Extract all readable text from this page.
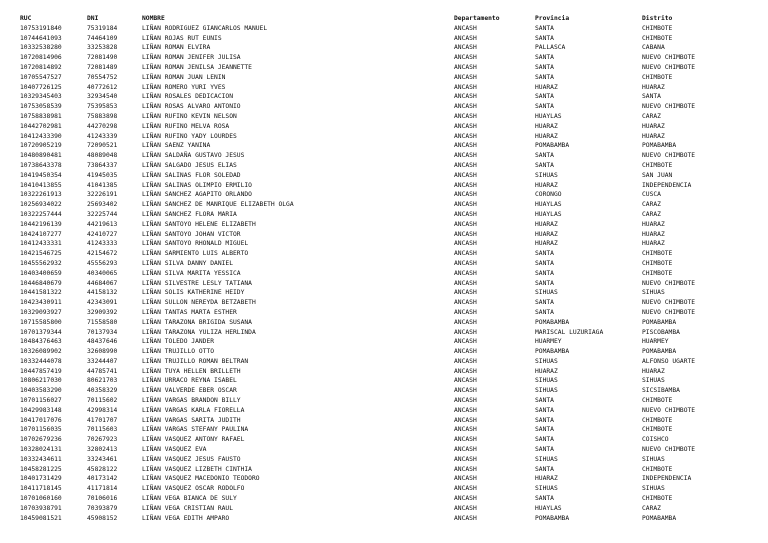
RUC	DNI	NOMBRE	Departamento	Provincia	Distrito
10753191840	75319184	LIÑAN RODRIGUEZ GIANCARLOS MANUEL	ANCASH	SANTA	CHIMBOTE
10744641093	74464109	LIÑAN ROJAS RUT EUNIS	ANCASH	SANTA	CHIMBOTE
10332538280	33253828	LIÑAN ROMAN ELVIRA	ANCASH	PALLASCA	CABANA
10720814906	72081490	LIÑAN ROMAN JENIFER JULISA	ANCASH	SANTA	NUEVO CHIMBOTE
10720814892	72081489	LIÑAN ROMAN JENILSA JEANNETTE	ANCASH	SANTA	NUEVO CHIMBOTE
10705547527	70554752	LIÑAN ROMAN JUAN LENIN	ANCASH	SANTA	CHIMBOTE
10407726125	40772612	LIÑAN ROMERO YURI YVES	ANCASH	HUARAZ	HUARAZ
10329345403	32934540	LIÑAN ROSALES DEDICACION	ANCASH	SANTA	SANTA
10753058539	75395853	LIÑAN ROSAS ALVARO ANTONIO	ANCASH	SANTA	NUEVO CHIMBOTE
10758838981	75883898	LIÑAN RUFINO KEVIN NELSON	ANCASH	HUAYLAS	CARAZ
10442702981	44270298	LIÑAN RUFINO MELVA ROSA	ANCASH	HUARAZ	HUARAZ
10412433390	41243339	LIÑAN RUFINO YADY LOURDES	ANCASH	HUARAZ	HUARAZ
10720905219	72090521	LIÑAN SAENZ YANINA	ANCASH	POMABAMBA	POMABAMBA
10480890481	48089048	LIÑAN SALDAÑA GUSTAVO JESUS	ANCASH	SANTA	NUEVO CHIMBOTE
10738643378	73864337	LIÑAN SALGADO JESUS ELIAS	ANCASH	SANTA	CHIMBOTE
10419450354	41945035	LIÑAN SALINAS FLOR SOLEDAD	ANCASH	SIHUAS	SAN JUAN
10410413855	41041385	LIÑAN SALINAS OLIMPIO ERMILIO	ANCASH	HUARAZ	INDEPENDENCIA
10322261913	32226191	LIÑAN SANCHEZ AGAPITO ORLANDO	ANCASH	CORONGO	CUSCA
10256934022	25693402	LIÑAN SANCHEZ DE MANRIQUE ELIZABETH OLGA	ANCASH	HUAYLAS	CARAZ
10322257444	32225744	LIÑAN SANCHEZ FLORA MARIA	ANCASH	HUAYLAS	CARAZ
10442196139	44219613	LIÑAN SANTOYO HELENE ELIZABETH	ANCASH	HUARAZ	HUARAZ
10424107277	42410727	LIÑAN SANTOYO JOHAN VICTOR	ANCASH	HUARAZ	HUARAZ
10412433331	41243333	LIÑAN SANTOYO RHONALD MIGUEL	ANCASH	HUARAZ	HUARAZ
10421546725	42154672	LIÑAN SARMIENTO LUIS ALBERTO	ANCASH	SANTA	CHIMBOTE
10455562932	45556293	LIÑAN SILVA DANNY DANIEL	ANCASH	SANTA	CHIMBOTE
10403400659	40340065	LIÑAN SILVA MARITA YESSICA	ANCASH	SANTA	CHIMBOTE
10446840679	44684067	LIÑAN SILVESTRE LESLY TATIANA	ANCASH	SANTA	NUEVO CHIMBOTE
10441581322	44158132	LIÑAN SOLIS KATHERINE HEIDY	ANCASH	SIHUAS	SIHUAS
10423430911	42343091	LIÑAN SULLON NEREYDA BETZABETH	ANCASH	SANTA	NUEVO CHIMBOTE
10329093927	32909392	LIÑAN TANTAS MARTA ESTHER	ANCASH	SANTA	NUEVO CHIMBOTE
10715585800	71558580	LIÑAN TARAZONA BRIGIDA SUSANA	ANCASH	POMABAMBA	POMABAMBA
10701379344	70137934	LIÑAN TARAZONA YULIZA HERLINDA	ANCASH	MARISCAL LUZURIAGA	PISCOBAMBA
10484376463	48437646	LIÑAN TOLEDO JANDER	ANCASH	HUARMEY	HUARMEY
10326089902	32608990	LIÑAN TRUJILLO OTTO	ANCASH	POMABAMBA	POMABAMBA
10332444078	33244407	LIÑAN TRUJILLO ROMAN BELTRAN	ANCASH	SIHUAS	ALFONSO UGARTE
10447857419	44785741	LIÑAN TUYA HELLEN BRILLETH	ANCASH	HUARAZ	HUARAZ
10806217030	80621703	LIÑAN URRACO REYNA ISABEL	ANCASH	SIHUAS	SIHUAS
10403583290	40358329	LIÑAN VALVERDE EBER OSCAR	ANCASH	SIHUAS	SICSIBAMBA
10701156027	70115602	LIÑAN VARGAS BRANDON BILLY	ANCASH	SANTA	CHIMBOTE
10429983148	42998314	LIÑAN VARGAS KARLA FIORELLA	ANCASH	SANTA	NUEVO CHIMBOTE
10417017076	41701707	LIÑAN VARGAS SARITA JUDITH	ANCASH	SANTA	CHIMBOTE
10701156035	70115603	LIÑAN VARGAS STEFANY PAULINA	ANCASH	SANTA	CHIMBOTE
10702679236	70267923	LIÑAN VASQUEZ ANTONY RAFAEL	ANCASH	SANTA	COISHCO
10328024131	32802413	LIÑAN VASQUEZ EVA	ANCASH	SANTA	NUEVO CHIMBOTE
10332434611	33243461	LIÑAN VASQUEZ JESUS FAUSTO	ANCASH	SIHUAS	SIHUAS
10458281225	45828122	LIÑAN VASQUEZ LIZBETH CINTHIA	ANCASH	SANTA	CHIMBOTE
10401731429	40173142	LIÑAN VASQUEZ MACEDONIO TEODORO	ANCASH	HUARAZ	INDEPENDENCIA
10411718145	41171814	LIÑAN VASQUEZ OSCAR RODOLFO	ANCASH	SIHUAS	SIHUAS
10701060160	70106016	LIÑAN VEGA BIANCA DE SULY	ANCASH	SANTA	CHIMBOTE
10703938791	70393879	LIÑAN VEGA CRISTIAN RAUL	ANCASH	HUAYLAS	CARAZ
10459081521	45908152	LIÑAN VEGA EDITH AMPARO	ANCASH	POMABAMBA	POMABAMBA
